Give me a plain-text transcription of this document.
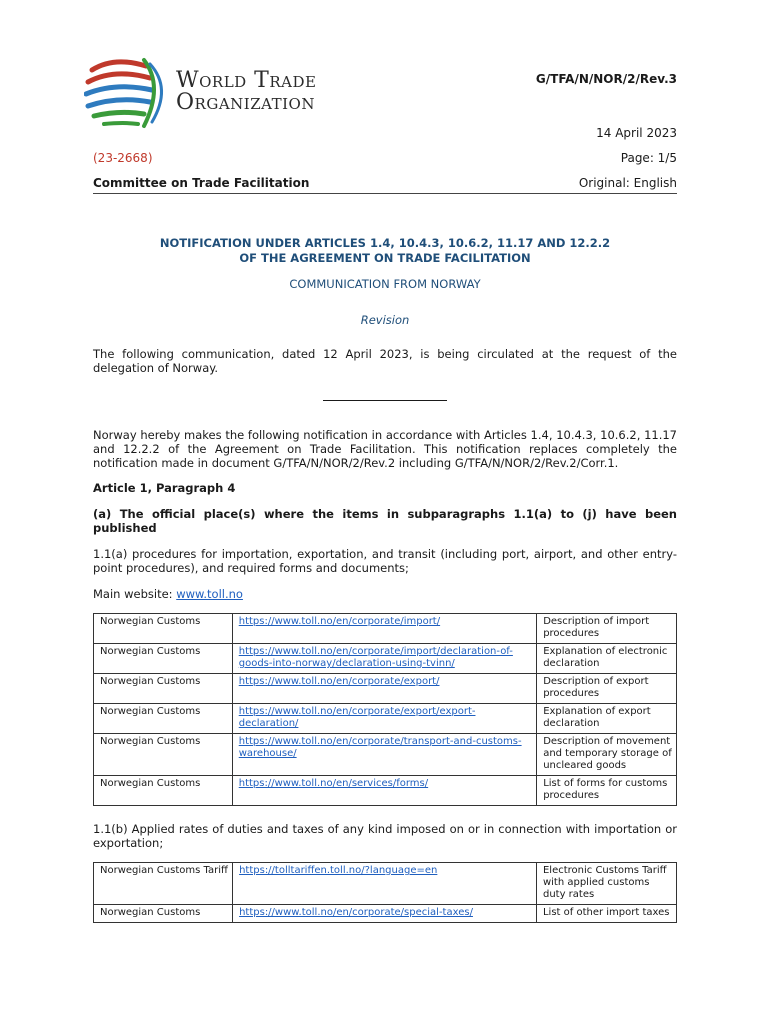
World Trade
Organization
G/TFA/N/NOR/2/Rev.3
14 April 2023
(23-2668)	Page: 1/5
Committee on Trade Facilitation	Original: English
NOTIFICATION UNDER ARTICLES 1.4, 10.4.3, 10.6.2, 11.17 AND 12.2.2
OF THE AGREEMENT ON TRADE FACILITATION
COMMUNICATION FROM NORWAY
Revision
The following communication, dated 12 April 2023, is being circulated at the request of the delegation of Norway.
Norway hereby makes the following notification in accordance with Articles 1.4, 10.4.3, 10.6.2, 11.17 and 12.2.2 of the Agreement on Trade Facilitation. This notification replaces completely the notification made in document G/TFA/N/NOR/2/Rev.2 including G/TFA/N/NOR/2/Rev.2/Corr.1.
Article 1, Paragraph 4
(a) The official place(s) where the items in subparagraphs 1.1(a) to (j) have been published
1.1(a) procedures for importation, exportation, and transit (including port, airport, and other entry-point procedures), and required forms and documents;
Main website: www.toll.no
Norwegian Customs	https://www.toll.no/en/corporate/import/	Description of import procedures
Norwegian Customs	https://www.toll.no/en/corporate/import/declaration-of-goods-into-norway/declaration-using-tvinn/	Explanation of electronic declaration
Norwegian Customs	https://www.toll.no/en/corporate/export/	Description of export procedures
Norwegian Customs	https://www.toll.no/en/corporate/export/export-declaration/	Explanation of export declaration
Norwegian Customs	https://www.toll.no/en/corporate/transport-and-customs-warehouse/	Description of movement and temporary storage of uncleared goods
Norwegian Customs	https://www.toll.no/en/services/forms/	List of forms for customs procedures
1.1(b) Applied rates of duties and taxes of any kind imposed on or in connection with importation or exportation;
Norwegian Customs Tariff	https://tolltariffen.toll.no/?language=en	Electronic Customs Tariff with applied customs duty rates
Norwegian Customs	https://www.toll.no/en/corporate/special-taxes/	List of other import taxes
